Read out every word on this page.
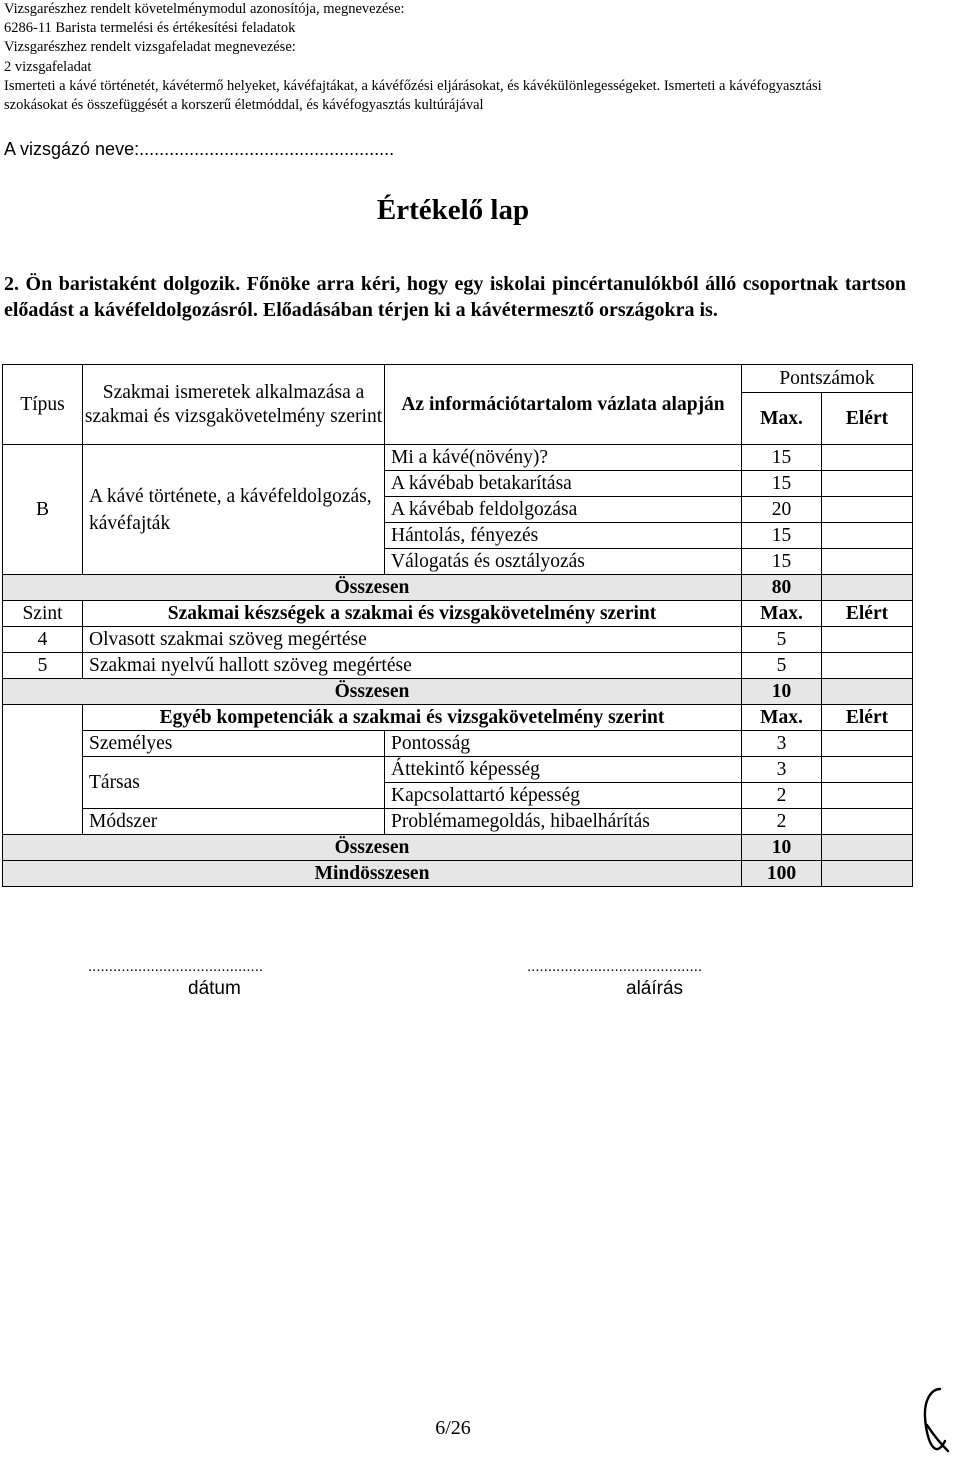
Vizsgarészhez rendelt követelménymodul azonosítója, megnevezése:
6286-11 Barista termelési és értékesítési feladatok
Vizsgarészhez rendelt vizsgafeladat megnevezése:
2 vizsgafeladat
Ismerteti a kávé történetét, kávétermő helyeket, kávéfajtákat, a kávéfőzési eljárásokat, és kávékülönlegességeket. Ismerteti a kávéfogyasztási
szokásokat és összefüggését a korszerű életmóddal, és kávéfogyasztás kultúrájával
A vizsgázó neve:...................................................
Értékelő lap
2. Ön baristaként dolgozik. Főnöke arra kéri, hogy egy iskolai pincértanulókból álló csoportnak tartson előadást a kávéfeldolgozásról. Előadásában térjen ki a kávétermesztő országokra is.
Típus	Szakmai ismeretek alkalmazása a szakmai és vizsgakövetelmény szerint	Az információtartalom vázlata alapján	Pontszámok	
			Max.	Elért
B	A kávé története, a kávéfeldolgozás, kávéfajták	Mi a kávé(növény)?	15	
		A kávébab betakarítása	15	
		A kávébab feldolgozása	20	
		Hántolás, fényezés	15	
		Válogatás és osztályozás	15	
Összesen			80	
Szint	Szakmai készségek a szakmai és vizsgakövetelmény szerint		Max.	Elért
4	Olvasott szakmai szöveg megértése		5	
5	Szakmai nyelvű hallott szöveg megértése		5	
Összesen			10	
	Egyéb kompetenciák a szakmai és vizsgakövetelmény szerint		Max.	Elért
	Személyes	Pontosság	3	
	Társas	Áttekintő képesség	3	
		Kapcsolattartó képesség	2	
	Módszer	Problémamegoldás, hibaelhárítás	2	
Összesen			10	
Mindösszesen			100	
..........................................	..........................................
dátum	aláírás
6/26
